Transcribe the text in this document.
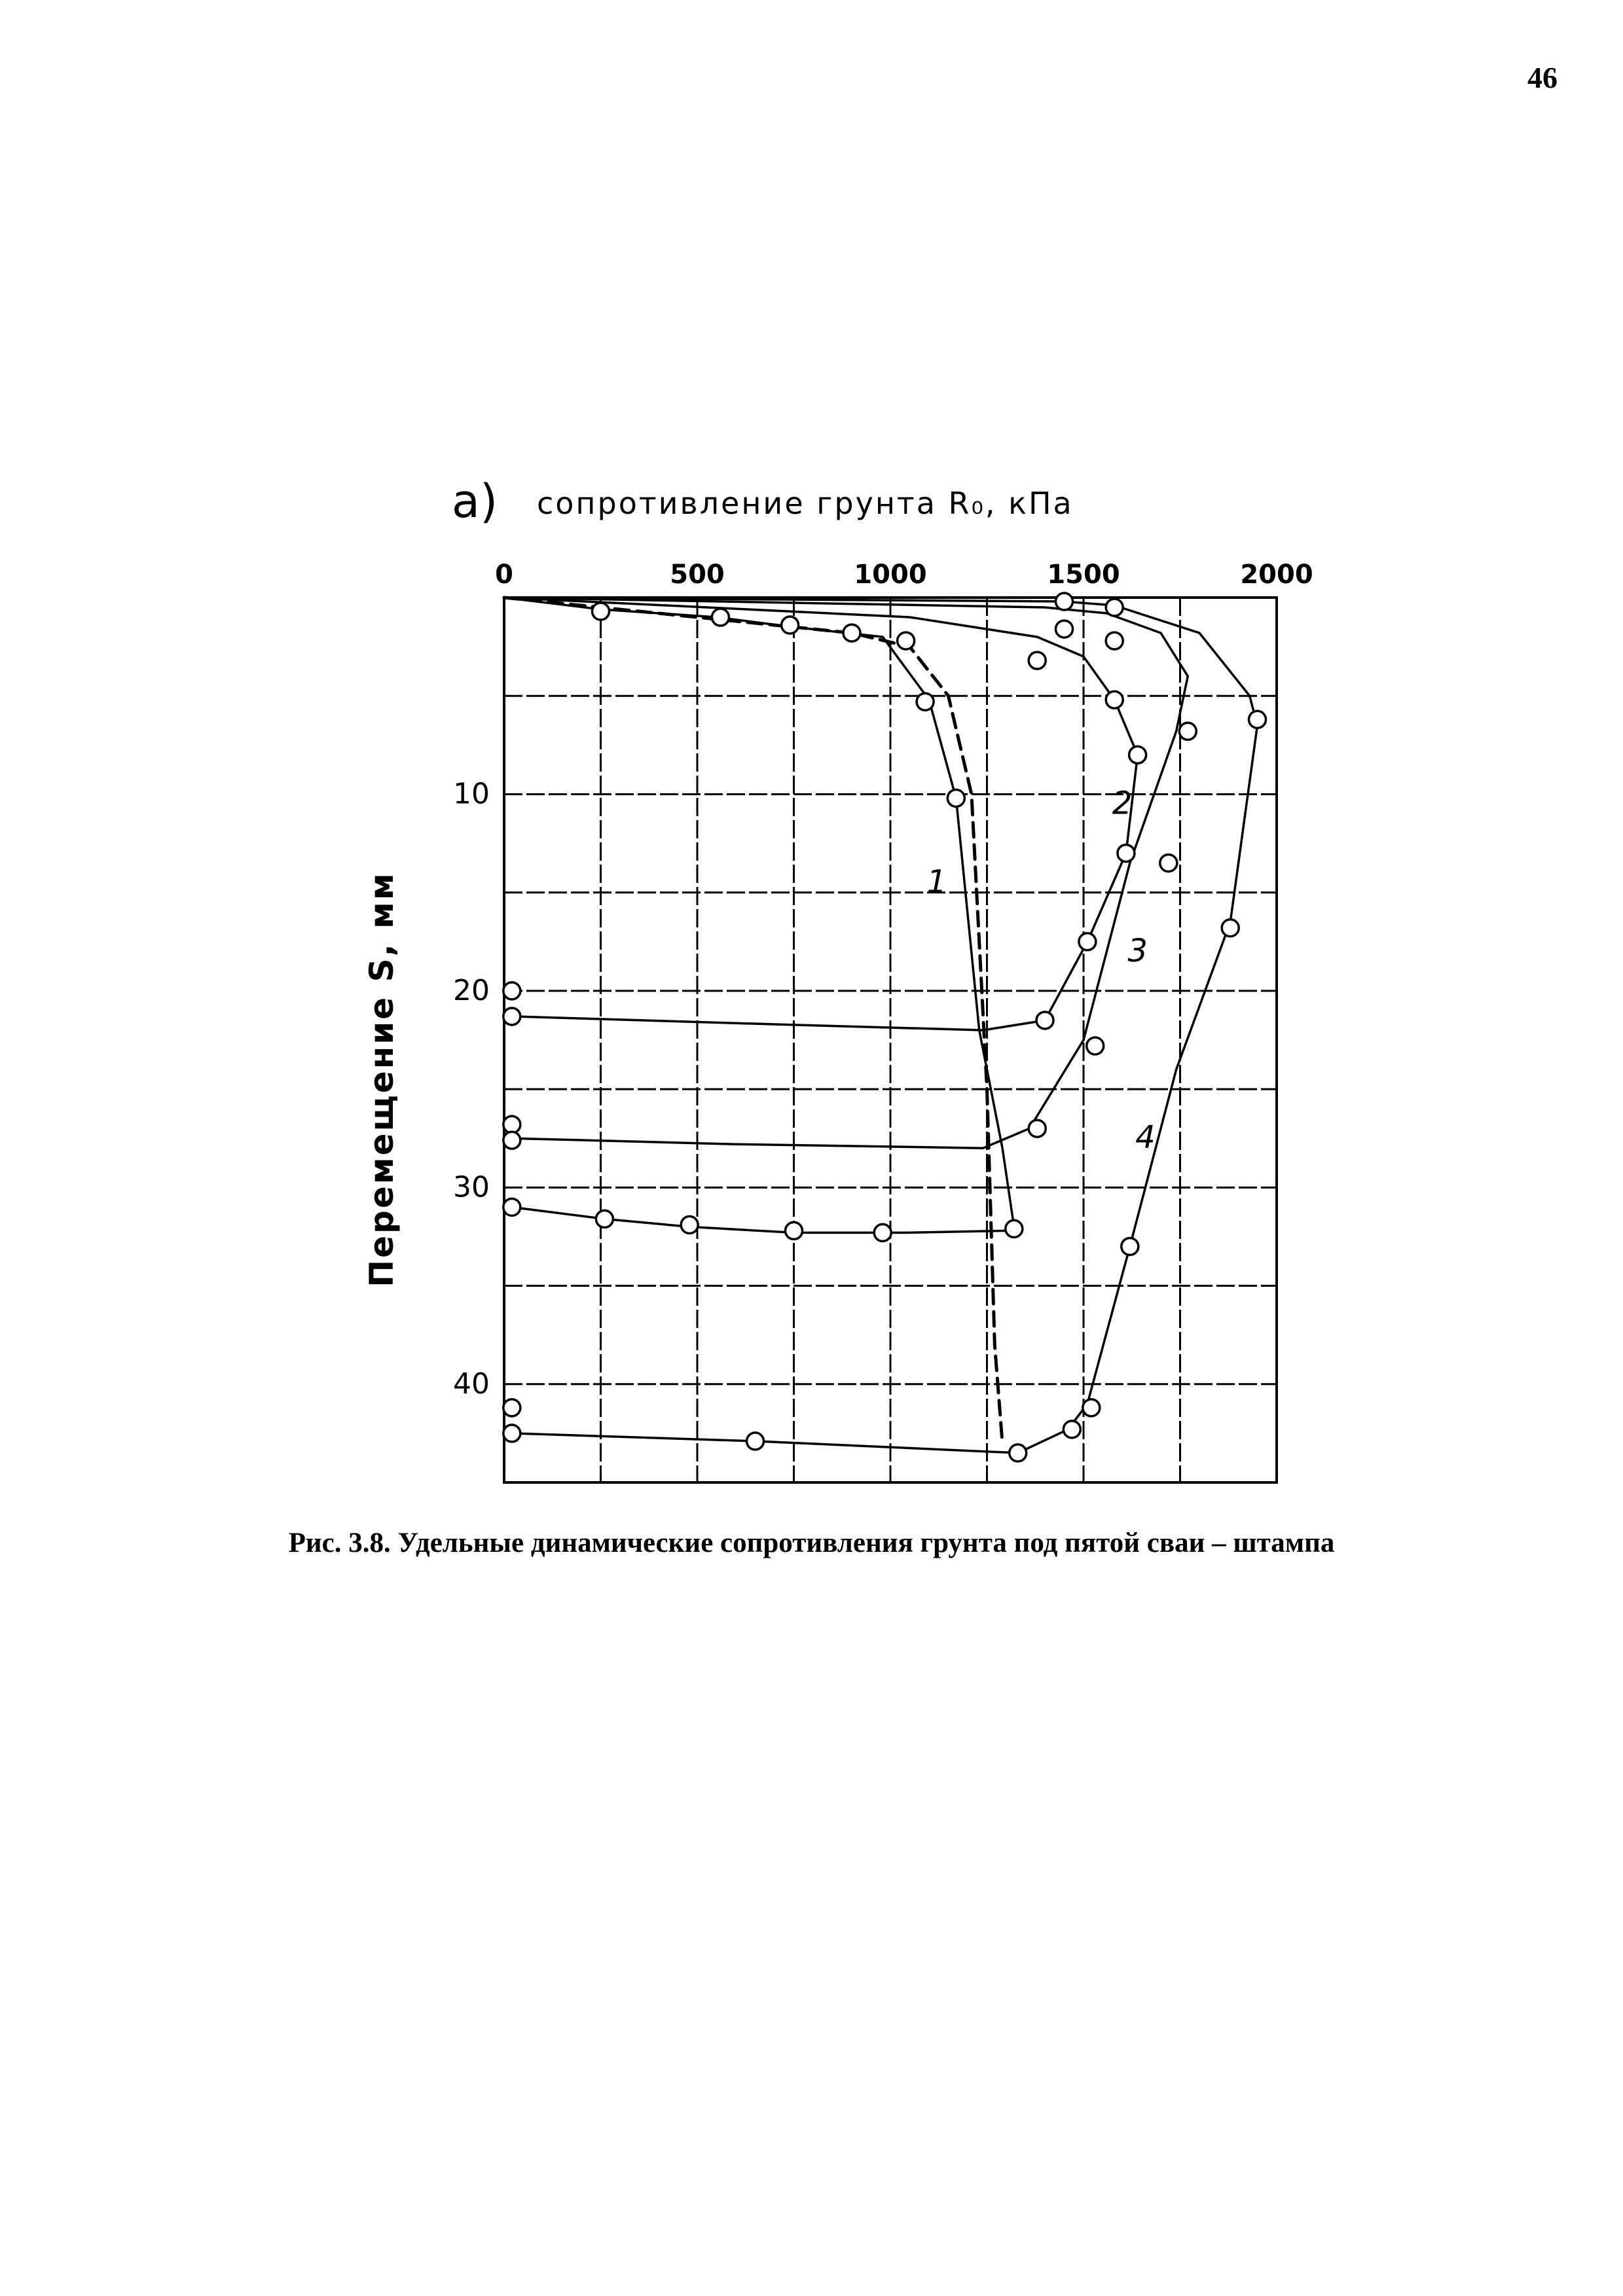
46
0	500	1000	1500	2000
10
20
30
40
а) сопротивление грунта R₀, кПа
Перемещение S, мм	1
2
3
4
Рис. 3.8. Удельные динамические сопротивления грунта под пятой сваи – штампа
